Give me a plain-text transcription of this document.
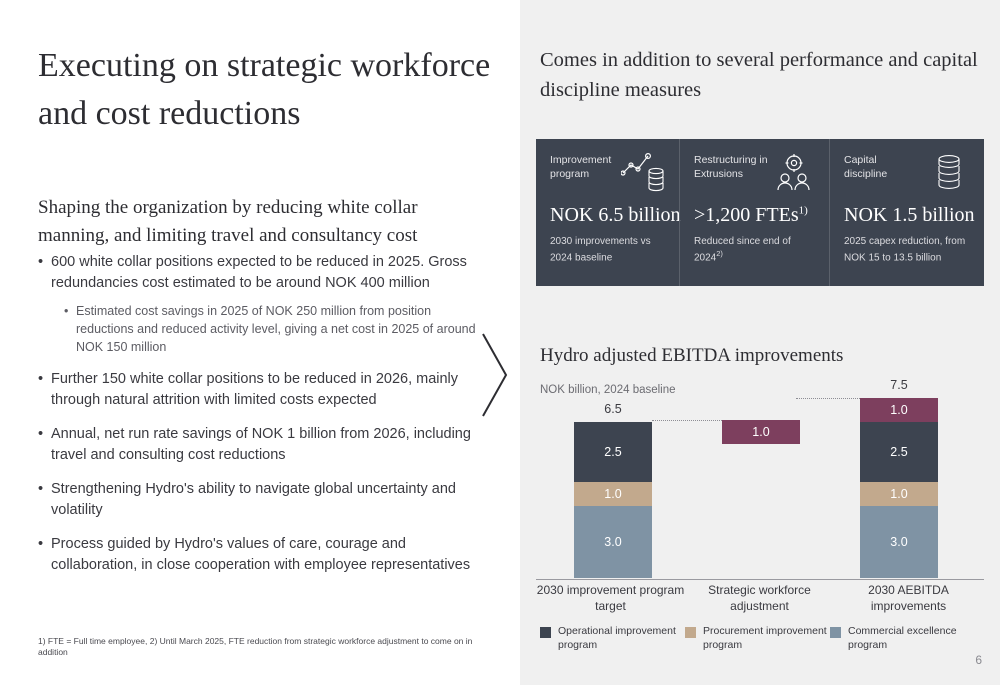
Executing on strategic workforce and cost reductions
Shaping the organization by reducing white collar manning, and limiting travel and consultancy cost
• 600 white collar positions expected to be reduced in 2025. Gross redundancies cost estimated to be around NOK 400 million
• Estimated cost savings in 2025 of NOK 250 million from position reductions and reduced activity level, giving a net cost in 2025 of around NOK 150 million
• Further 150 white collar positions to be reduced in 2026, mainly through natural attrition with limited costs expected
• Annual, net run rate savings of NOK 1 billion from 2026, including travel and consulting cost reductions
• Strengthening Hydro's ability to navigate global uncertainty and volatility
• Process guided by Hydro's values of care, courage and collaboration, in close cooperation with employee representatives
1) FTE = Full time employee, 2) Until March 2025, FTE reduction from strategic workforce adjustment to come on in addition
Comes in addition to several performance and capital discipline measures
Improvement program
NOK 6.5 billion
2030 improvements vs 2024 baseline
Restructuring in Extrusions
>1,200 FTEs$^{1)}$
Reduced since end of 2024$^{2)}$
Capital discipline
NOK 1.5 billion
2025 capex reduction, from NOK 15 to 13.5 billion
Hydro adjusted EBITDA improvements
NOK billion, 2024 baseline
6.5
2.5
1.0
3.0
1.0
7.5
1.0
2.5
1.0
3.0
2030 improvement program target
Strategic workforce adjustment
2030 AEBITDA improvements
Operational improvement program
Procurement improvement program
Commercial excellence program
6
